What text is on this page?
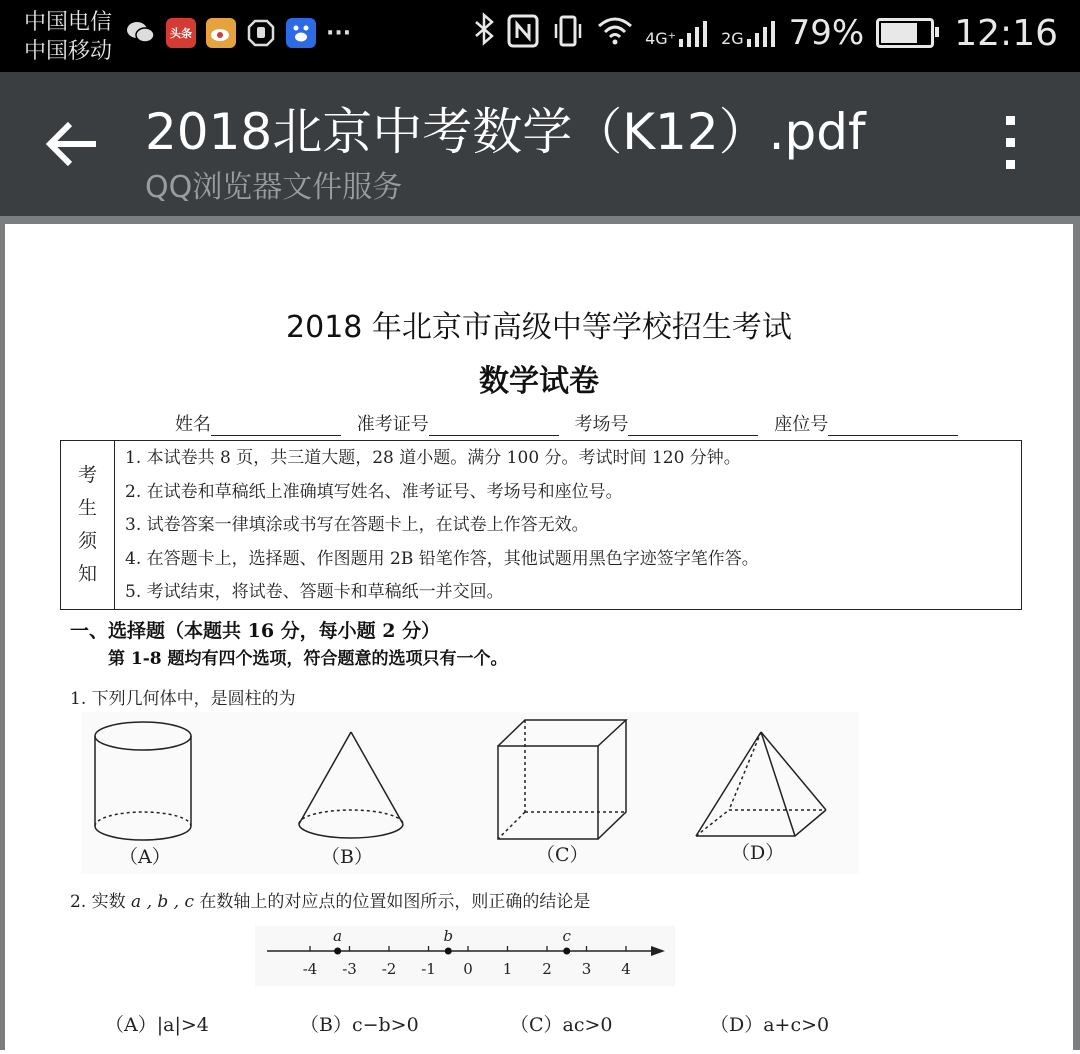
中国电信
中国移动
头条	···	4G⁺	2G 79%	12:16
2018北京中考数学（K12）.pdf
QQ浏览器文件服务
2018 年北京市高级中等学校招生考试
数学试卷
姓名	准考证号	考场号	座位号
考
生
须
知
1. 本试卷共 8 页，共三道大题，28 道小题。满分 100 分。考试时间 120 分钟。
2. 在试卷和草稿纸上准确填写姓名、准考证号、考场号和座位号。
3. 试卷答案一律填涂或书写在答题卡上，在试卷上作答无效。
4. 在答题卡上，选择题、作图题用 2B 铅笔作答，其他试题用黑色字迹签字笔作答。
5. 考试结束，将试卷、答题卡和草稿纸一并交回。
一、选择题（本题共 16 分，每小题 2 分）
第 1-8 题均有四个选项，符合题意的选项只有一个。
1. 下列几何体中，是圆柱的为
（A）	（B）	（C）	（D）
2. 实数 a , b , c 在数轴上的对应点的位置如图所示，则正确的结论是
-4 -3 -2 -1 0 1 2 3 4
a	b	c
（A）|a|>4	（B）c−b>0	（C）ac>0	（D）a+c>0
